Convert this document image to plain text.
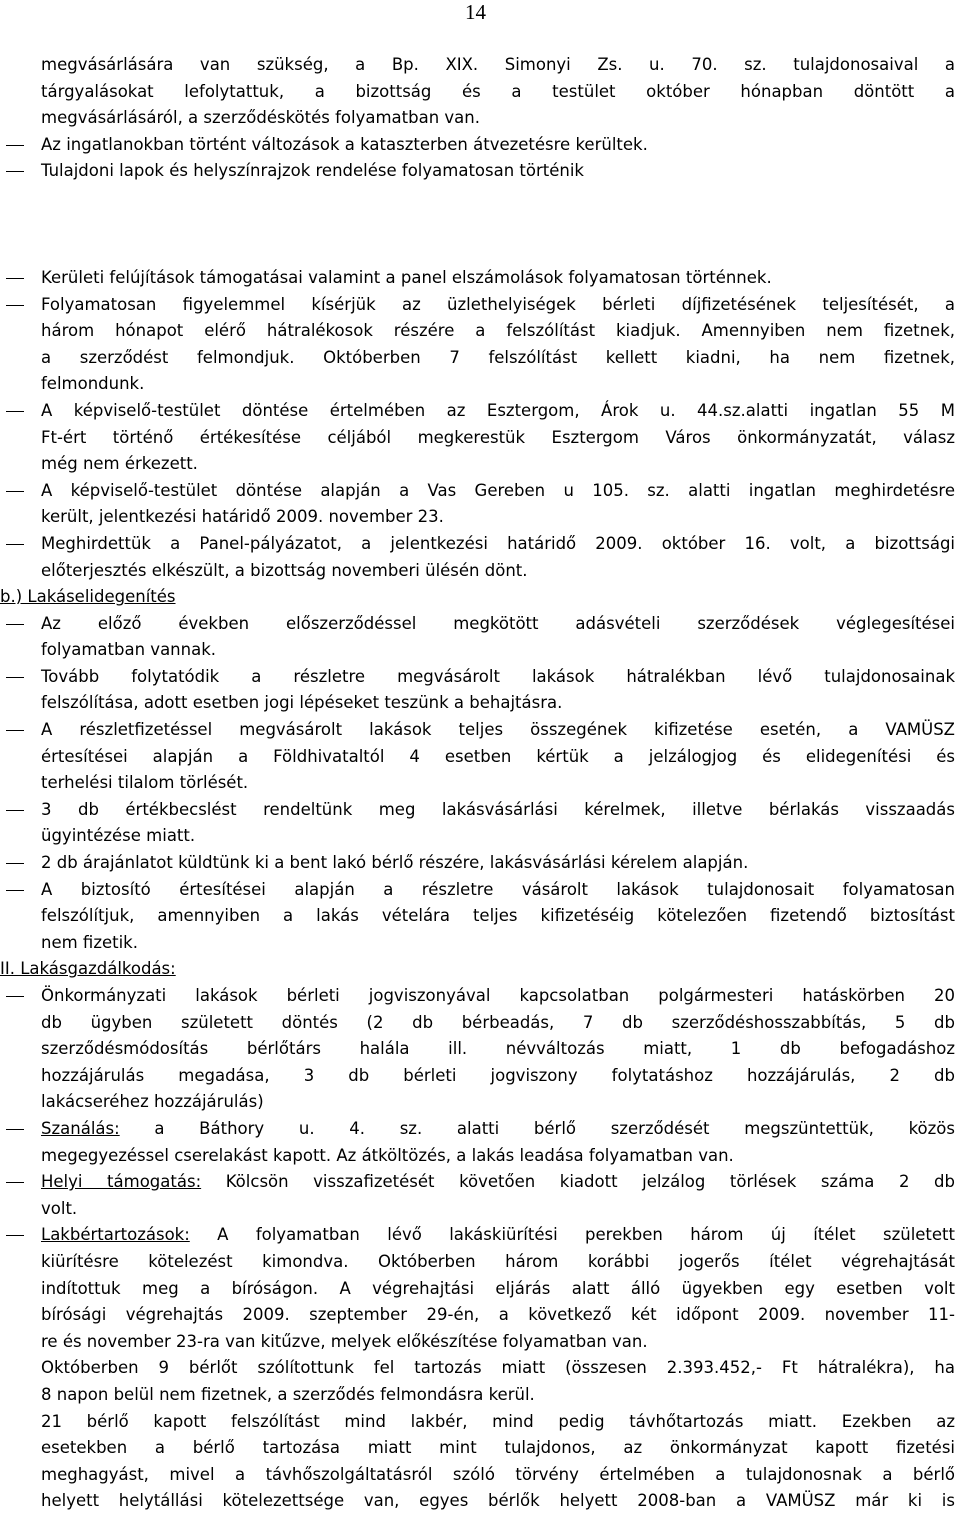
14
megvásárlására van szükség, a Bp. XIX. Simonyi Zs. u. 70. sz. tulajdonosaival a
tárgyalásokat lefolytattuk, a bizottság és a testület október hónapban döntött a
megvásárlásáról, a szerződéskötés folyamatban van.
Az ingatlanokban történt változások a kataszterben átvezetésre kerültek.
Tulajdoni lapok és helyszínrajzok rendelése folyamatosan történik
Kerületi felújítások támogatásai valamint a panel elszámolások folyamatosan történnek.
Folyamatosan figyelemmel kísérjük az üzlethelyiségek bérleti díjfizetésének teljesítését, a
három hónapot elérő hátralékosok részére a felszólítást kiadjuk. Amennyiben nem fizetnek,
a szerződést felmondjuk. Októberben 7 felszólítást kellett kiadni, ha nem fizetnek,
felmondunk.
A képviselő-testület döntése értelmében az Esztergom, Árok u. 44.sz.alatti ingatlan 55 M
Ft-ért történő értékesítése céljából megkerestük Esztergom Város önkormányzatát, válasz
még nem érkezett.
A képviselő-testület döntése alapján a Vas Gereben u 105. sz. alatti ingatlan meghirdetésre
került, jelentkezési határidő 2009. november 23.
Meghirdettük a Panel-pályázatot, a jelentkezési határidő 2009. október 16. volt, a bizottsági
előterjesztés elkészült, a bizottság novemberi ülésén dönt.
b.) Lakáselidegenítés
Az előző években előszerződéssel megkötött adásvételi szerződések véglegesítései
folyamatban vannak.
Tovább folytatódik a részletre megvásárolt lakások hátralékban lévő tulajdonosainak
felszólítása, adott esetben jogi lépéseket teszünk a behajtásra.
A részletfizetéssel megvásárolt lakások teljes összegének kifizetése esetén, a VAMÜSZ
értesítései alapján a Földhivataltól 4 esetben kértük a jelzálogjog és elidegenítési és
terhelési tilalom törlését.
3 db értékbecslést rendeltünk meg lakásvásárlási kérelmek, illetve bérlakás visszaadás
ügyintézése miatt.
2 db árajánlatot küldtünk ki a bent lakó bérlő részére, lakásvásárlási kérelem alapján.
A biztosító értesítései alapján a részletre vásárolt lakások tulajdonosait folyamatosan
felszólítjuk, amennyiben a lakás vételára teljes kifizetéséig kötelezően fizetendő biztosítást
nem fizetik.
II. Lakásgazdálkodás:
Önkormányzati lakások bérleti jogviszonyával kapcsolatban polgármesteri hatáskörben 20
db ügyben született döntés (2 db bérbeadás, 7 db szerződéshosszabbítás, 5 db
szerződésmódosítás bérlőtárs halála ill. névváltozás miatt, 1 db befogadáshoz
hozzájárulás megadása, 3 db bérleti jogviszony folytatáshoz hozzájárulás, 2 db
lakácseréhez hozzájárulás)
Szanálás: a Báthory u. 4. sz. alatti bérlő szerződését megszüntettük, közös
megegyezéssel cserelakást kapott. Az átköltözés, a lakás leadása folyamatban van.
Helyi támogatás: Kölcsön visszafizetését követően kiadott jelzálog törlések száma 2 db
volt.
Lakbértartozások: A folyamatban lévő lakáskiürítési perekben három új ítélet született
kiürítésre kötelezést kimondva. Októberben három korábbi jogerős ítélet végrehajtását
indítottuk meg a bíróságon. A végrehajtási eljárás alatt álló ügyekben egy esetben volt
bírósági végrehajtás 2009. szeptember 29-én, a következő két időpont 2009. november 11-
re és november 23-ra van kitűzve, melyek előkészítése folyamatban van.
Októberben 9 bérlőt szólítottunk fel tartozás miatt (összesen 2.393.452,- Ft hátralékra), ha
8 napon belül nem fizetnek, a szerződés felmondásra kerül.
21 bérlő kapott felszólítást mind lakbér, mind pedig távhőtartozás miatt. Ezekben az
esetekben a bérlő tartozása miatt mint tulajdonos, az önkormányzat kapott fizetési
meghagyást, mivel a távhőszolgáltatásról szóló törvény értelmében a tulajdonosnak a bérlő
helyett helytállási kötelezettsége van, egyes bérlők helyett 2008-ban a VAMÜSZ már ki is
